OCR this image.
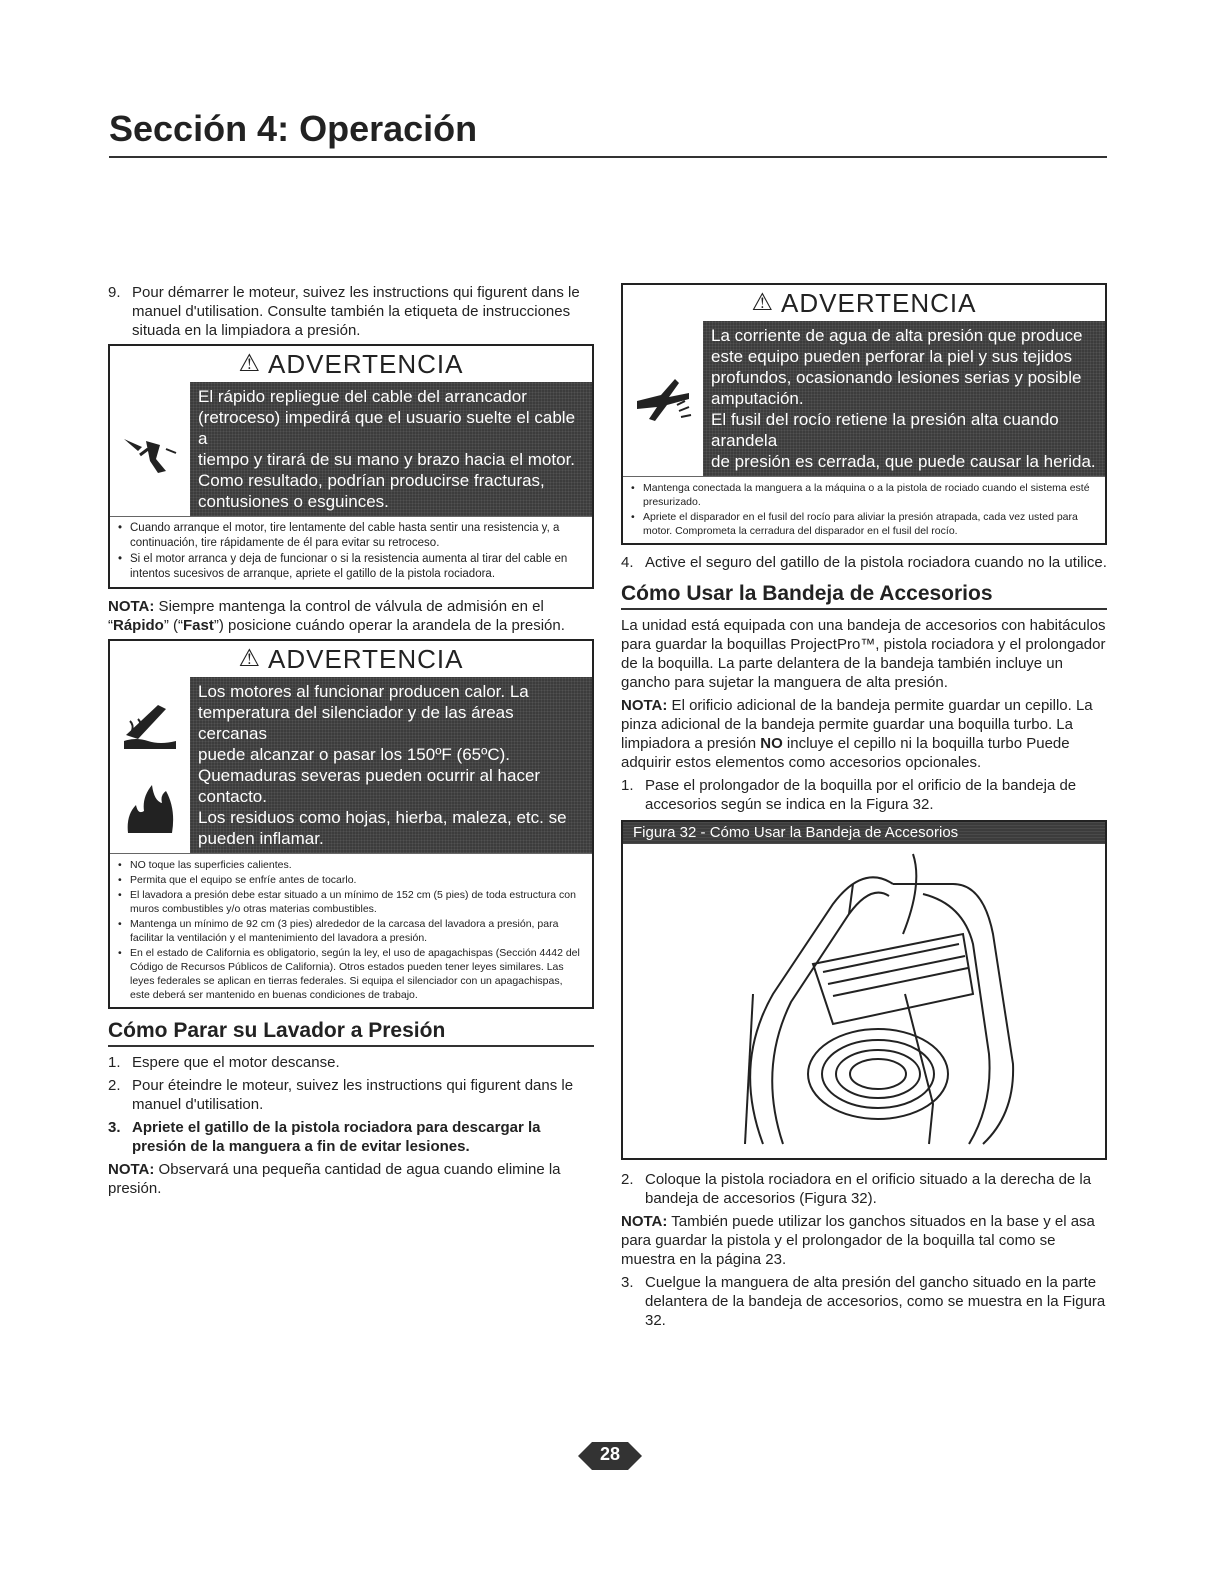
Sección 4: Operación
9. Pour démarrer le moteur, suivez les instructions qui figurent dans le manuel d'utilisation. Consulte también la etiqueta de instrucciones situada en la limpiadora a presión.
⚠ ADVERTENCIA

El rápido repliegue del cable del arrancador

(retroceso) impedirá que el usuario suelte el cable a

tiempo y tirará de su mano y brazo hacia el motor.

Como resultado, podrían producirse fracturas,

contusiones o esguinces.

• Cuando arranque el motor, tire lentamente del cable hasta sentir una resistencia y, a continuación, tire rápidamente de él para evitar su retroceso.
• Si el motor arranca y deja de funcionar o si la resistencia aumenta al tirar del cable en intentos sucesivos de arranque, apriete el gatillo de la pistola rociadora.

NOTA: Siempre mantenga la control de válvula de admisión en el “Rápido” (“Fast”) posicione cuándo operar la arandela de la presión.

⚠ ADVERTENCIA

Los motores al funcionar producen calor. La

temperatura del silenciador y de las áreas cercanas

puede alcanzar o pasar los 150ºF (65ºC).

Quemaduras severas pueden ocurrir al hacer

contacto.

Los residuos como hojas, hierba, maleza, etc. se

pueden inflamar.

• NO toque las superficies calientes.
• Permita que el equipo se enfríe antes de tocarlo.
• El lavadora a presión debe estar situado a un mínimo de 152 cm (5 pies) de toda estructura con muros combustibles y/o otras materias combustibles.
• Mantenga un mínimo de 92 cm (3 pies) alrededor de la carcasa del lavadora a presión, para facilitar la ventilación y el mantenimiento del lavadora a presión.
• En el estado de California es obligatorio, según la ley, el uso de apagachispas (Sección 4442 del Código de Recursos Públicos de California). Otros estados pueden tener leyes similares. Las leyes federales se aplican en tierras federales. Si equipa el silenciador con un apagachispas, este deberá ser mantenido en buenas condiciones de trabajo.
Cómo Parar su Lavador a Presión
1. Espere que el motor descanse.
2. Pour éteindre le moteur, suivez les instructions qui figurent dans le manuel d'utilisation.
3. Apriete el gatillo de la pistola rociadora para descargar la presión de la manguera a fin de evitar lesiones.

NOTA: Observará una pequeña cantidad de agua cuando elimine la presión.

⚠ ADVERTENCIA

La corriente de agua de alta presión que produce

este equipo pueden perforar la piel y sus tejidos

profundos, ocasionando lesiones serias y posible

amputación.

El fusil del rocío retiene la presión alta cuando arandela

de presión es cerrada, que puede causar la herida.

• Mantenga conectada la manguera a la máquina o a la pistola de rociado cuando el sistema esté presurizado.
• Apriete el disparador en el fusil del rocío para aliviar la presión atrapada, cada vez usted para motor. Comprometa la cerradura del disparador en el fusil del rocío.
4. Active el seguro del gatillo de la pistola rociadora cuando no la utilice.
Cómo Usar la Bandeja de Accesorios

La unidad está equipada con una bandeja de accesorios con habitáculos para guardar la boquillas ProjectPro™, pistola rociadora y el prolongador de la boquilla. La parte delantera de la bandeja también incluye un gancho para sujetar la manguera de alta presión.

NOTA: El orificio adicional de la bandeja permite guardar un cepillo. La pinza adicional de la bandeja permite guardar una boquilla turbo. La limpiadora a presión NO incluye el cepillo ni la boquilla turbo Puede adquirir estos elementos como accesorios opcionales.

1. Pase el prolongador de la boquilla por el orificio de la bandeja de accesorios según se indica en la Figura 32.
Figura 32 - Cómo Usar la Bandeja de Accesorios
2. Coloque la pistola rociadora en el orificio situado a la derecha de la bandeja de accesorios (Figura 32).

NOTA: También puede utilizar los ganchos situados en la base y el asa para guardar la pistola y el prolongador de la boquilla tal como se muestra en la página 23.

3. Cuelgue la manguera de alta presión del gancho situado en la parte delantera de la bandeja de accesorios, como se muestra en la Figura 32.
28
